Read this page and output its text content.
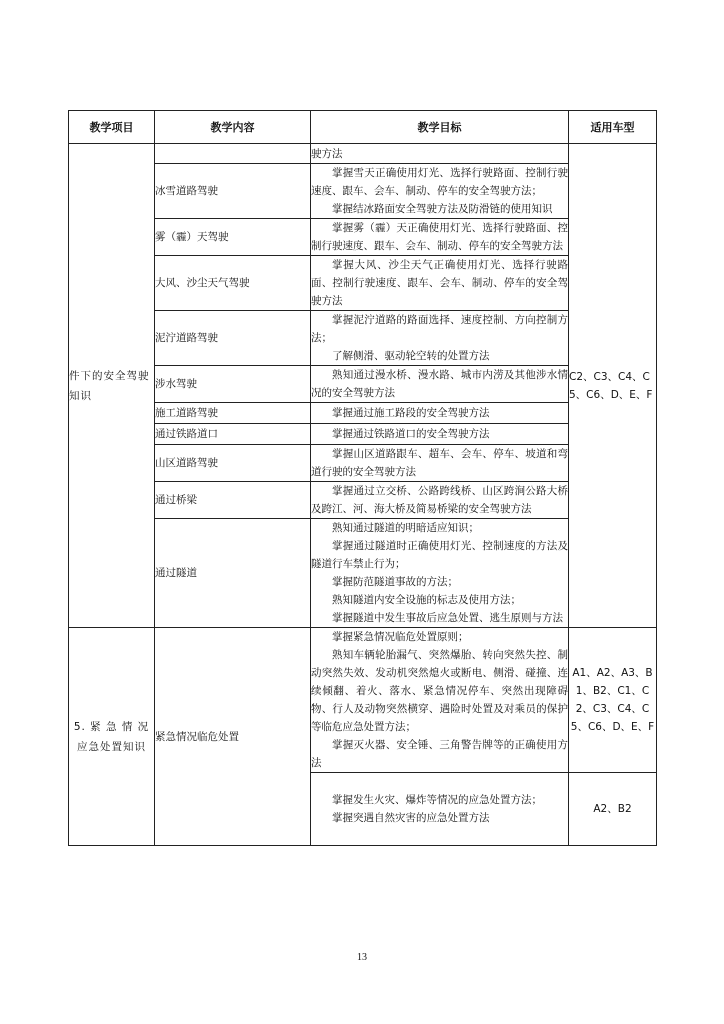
教学项目	教学内容	教学目标	适用车型
件下的安全驾驶知识		驶方法	C2、C3、C4、C5、C6、D、E、F
	冰雪道路驾驶	掌握雪天正确使用灯光、选择行驶路面、控制行驶速度、跟车、会车、制动、停车的安全驾驶方法；
掌握结冰路面安全驾驶方法及防滑链的使用知识	

	雾（霾）天驾驶	掌握雾（霾）天正确使用灯光、选择行驶路面、控制行驶速度、跟车、会车、制动、停车的安全驾驶方法	

	大风、沙尘天气驾驶	掌握大风、沙尘天气正确使用灯光、选择行驶路面、控制行驶速度、跟车、会车、制动、停车的安全驾驶方法	

	泥泞道路驾驶	掌握泥泞道路的路面选择、速度控制、方向控制方法；
了解侧滑、驱动轮空转的处置方法	

	涉水驾驶	熟知通过漫水桥、漫水路、城市内涝及其他涉水情况的安全驾驶方法	

	施工道路驾驶	掌握通过施工路段的安全驾驶方法	

	通过铁路道口	掌握通过铁路道口的安全驾驶方法	

	山区道路驾驶	掌握山区道路跟车、超车、会车、停车、坡道和弯道行驶的安全驾驶方法	

	通过桥梁	掌握通过立交桥、公路跨线桥、山区跨涧公路大桥及跨江、河、海大桥及简易桥梁的安全驾驶方法	

	通过隧道	熟知通过隧道的明暗适应知识；
掌握通过隧道时正确使用灯光、控制速度的方法及隧道行车禁止行为；
掌握防范隧道事故的方法；
熟知隧道内安全设施的标志及使用方法；
掌握隧道中发生事故后应急处置、逃生原则与方法	

5. 紧 急 情 况 应急处置知识	紧急情况临危处置	掌握紧急情况临危处置原则；
熟知车辆轮胎漏气、突然爆胎、转向突然失控、制动突然失效、发动机突然熄火或断电、侧滑、碰撞、连续倾翻、着火、落水、紧急情况停车、突然出现障碍物、行人及动物突然横穿、遇险时处置及对乘员的保护等临危应急处置方法；
掌握灭火器、安全锤、三角警告牌等的正确使用方法	A1、A2、A3、B1、B2、C1、C2、C3、C4、C5、C6、D、E、F

		掌握发生火灾、爆炸等情况的应急处置方法；
掌握突遇自然灾害的应急处置方法	A2、B2
13
